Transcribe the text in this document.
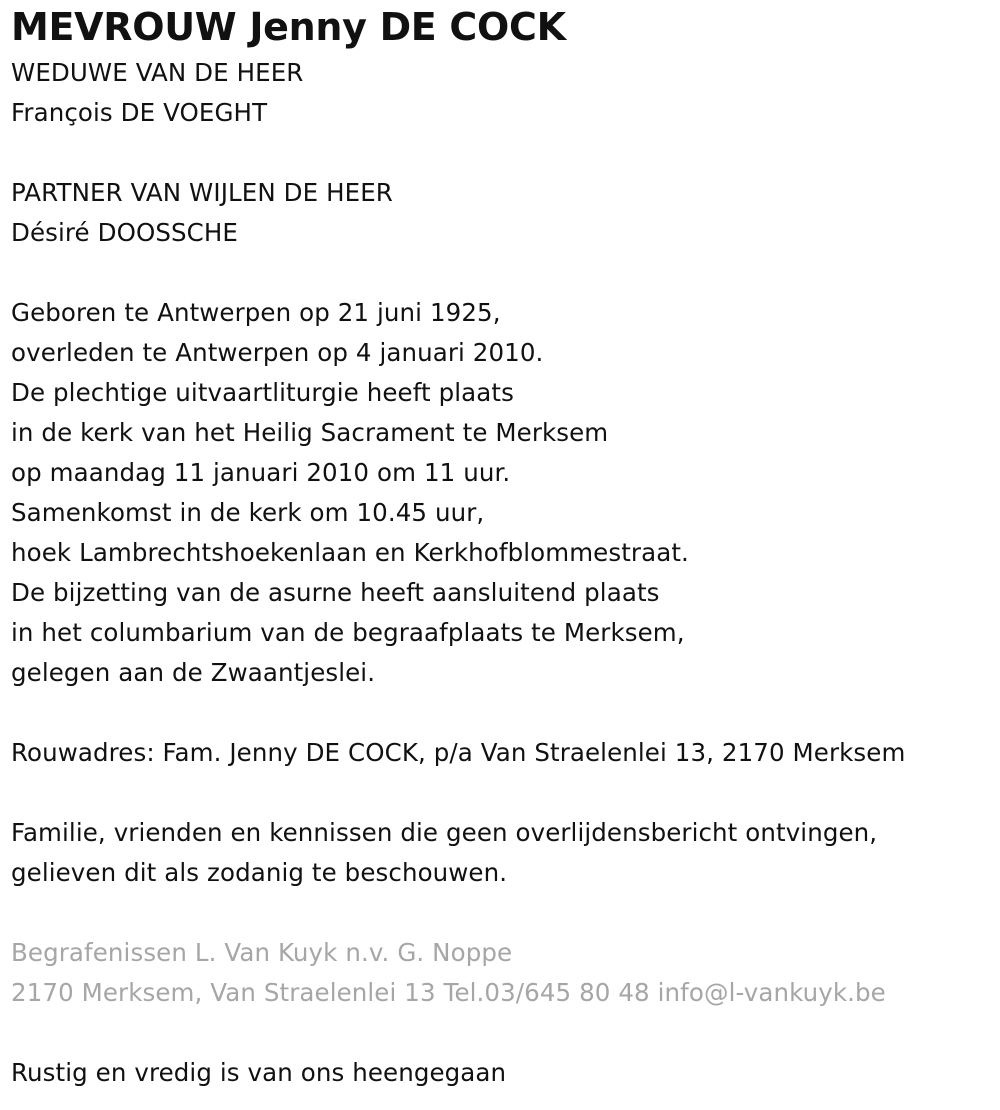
MEVROUW Jenny DE COCK

WEDUWE VAN DE HEER

François DE VOEGHT

PARTNER VAN WIJLEN DE HEER

Désiré DOOSSCHE

Geboren te Antwerpen op 21 juni 1925,

overleden te Antwerpen op 4 januari 2010.

De plechtige uitvaartliturgie heeft plaats

in de kerk van het Heilig Sacrament te Merksem

op maandag 11 januari 2010 om 11 uur.

Samenkomst in de kerk om 10.45 uur,

hoek Lambrechtshoekenlaan en Kerkhofblommestraat.

De bijzetting van de asurne heeft aansluitend plaats

in het columbarium van de begraafplaats te Merksem,

gelegen aan de Zwaantjeslei.

Rouwadres: Fam. Jenny DE COCK, p/a Van Straelenlei 13, 2170 Merksem

Familie, vrienden en kennissen die geen overlijdensbericht ontvingen,

gelieven dit als zodanig te beschouwen.

Begrafenissen L. Van Kuyk n.v. G. Noppe

2170 Merksem, Van Straelenlei 13 Tel.03/645 80 48 info@l-vankuyk.be

Rustig en vredig is van ons heengegaan
